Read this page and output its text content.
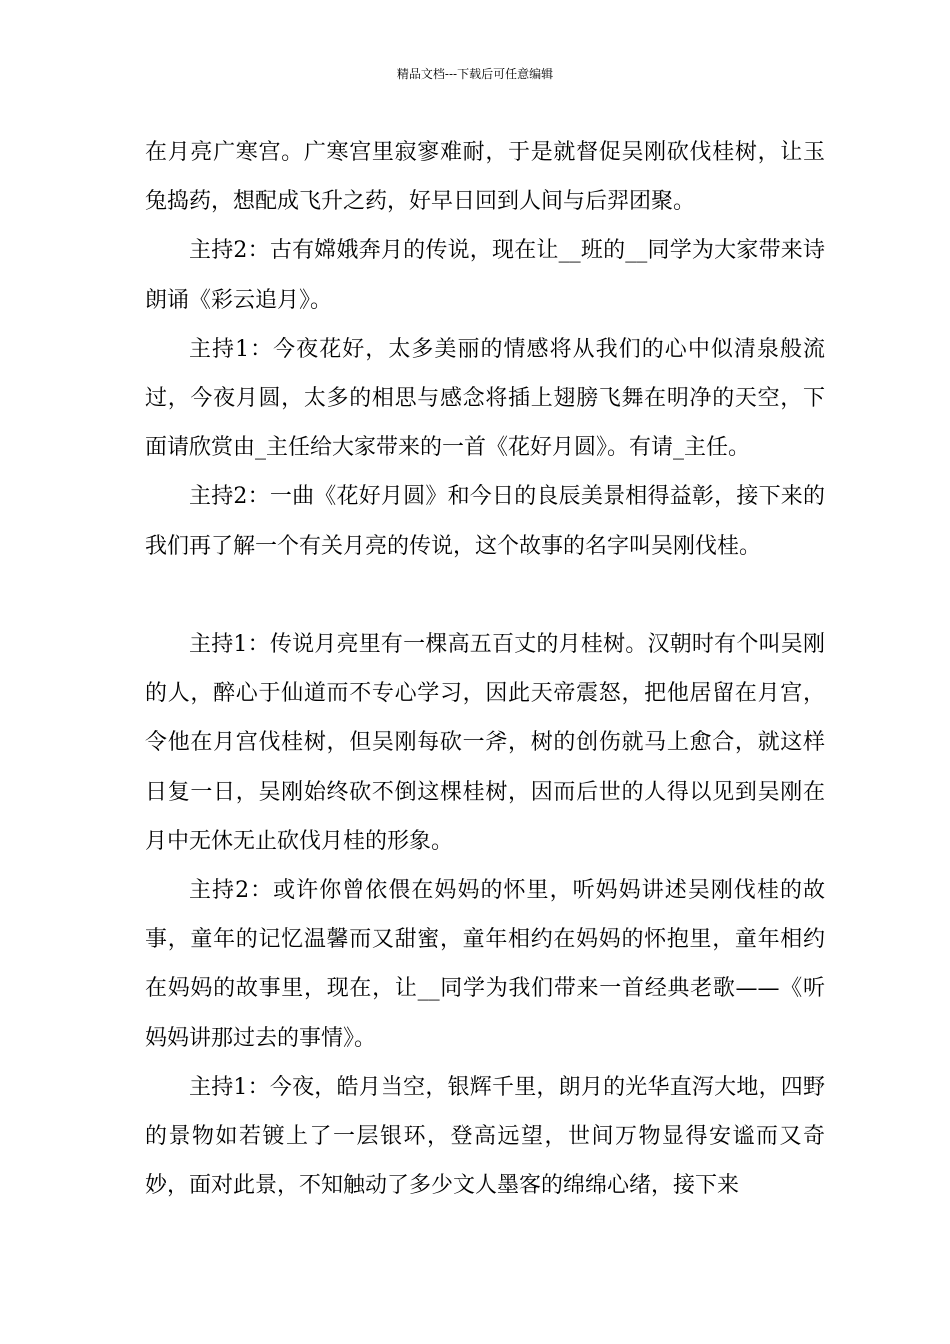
精品文档---下载后可任意编辑

在月亮广寒宫。广寒宫里寂寥难耐，于是就督促吴刚砍伐桂树，让玉兔捣药，想配成飞升之药，好早日回到人间与后羿团聚。

主持2：古有嫦娥奔月的传说，现在让__班的__同学为大家带来诗朗诵《彩云追月》。

主持1：今夜花好，太多美丽的情感将从我们的心中似清泉般流过，今夜月圆，太多的相思与感念将插上翅膀飞舞在明净的天空，下面请欣赏由_主任给大家带来的一首《花好月圆》。有请_主任。

主持2：一曲《花好月圆》和今日的良辰美景相得益彰，接下来的我们再了解一个有关月亮的传说，这个故事的名字叫吴刚伐桂。

主持1：传说月亮里有一棵高五百丈的月桂树。汉朝时有个叫吴刚的人，醉心于仙道而不专心学习，因此天帝震怒，把他居留在月宫，令他在月宫伐桂树，但吴刚每砍一斧，树的创伤就马上愈合，就这样日复一日，吴刚始终砍不倒这棵桂树，因而后世的人得以见到吴刚在月中无休无止砍伐月桂的形象。

主持2：或许你曾依偎在妈妈的怀里，听妈妈讲述吴刚伐桂的故事，童年的记忆温馨而又甜蜜，童年相约在妈妈的怀抱里，童年相约在妈妈的故事里，现在，让__同学为我们带来一首经典老歌——《听妈妈讲那过去的事情》。

主持1：今夜，皓月当空，银辉千里，朗月的光华直泻大地，四野的景物如若镀上了一层银环，登高远望，世间万物显得安谧而又奇妙，面对此景，不知触动了多少文人墨客的绵绵心绪，接下来
